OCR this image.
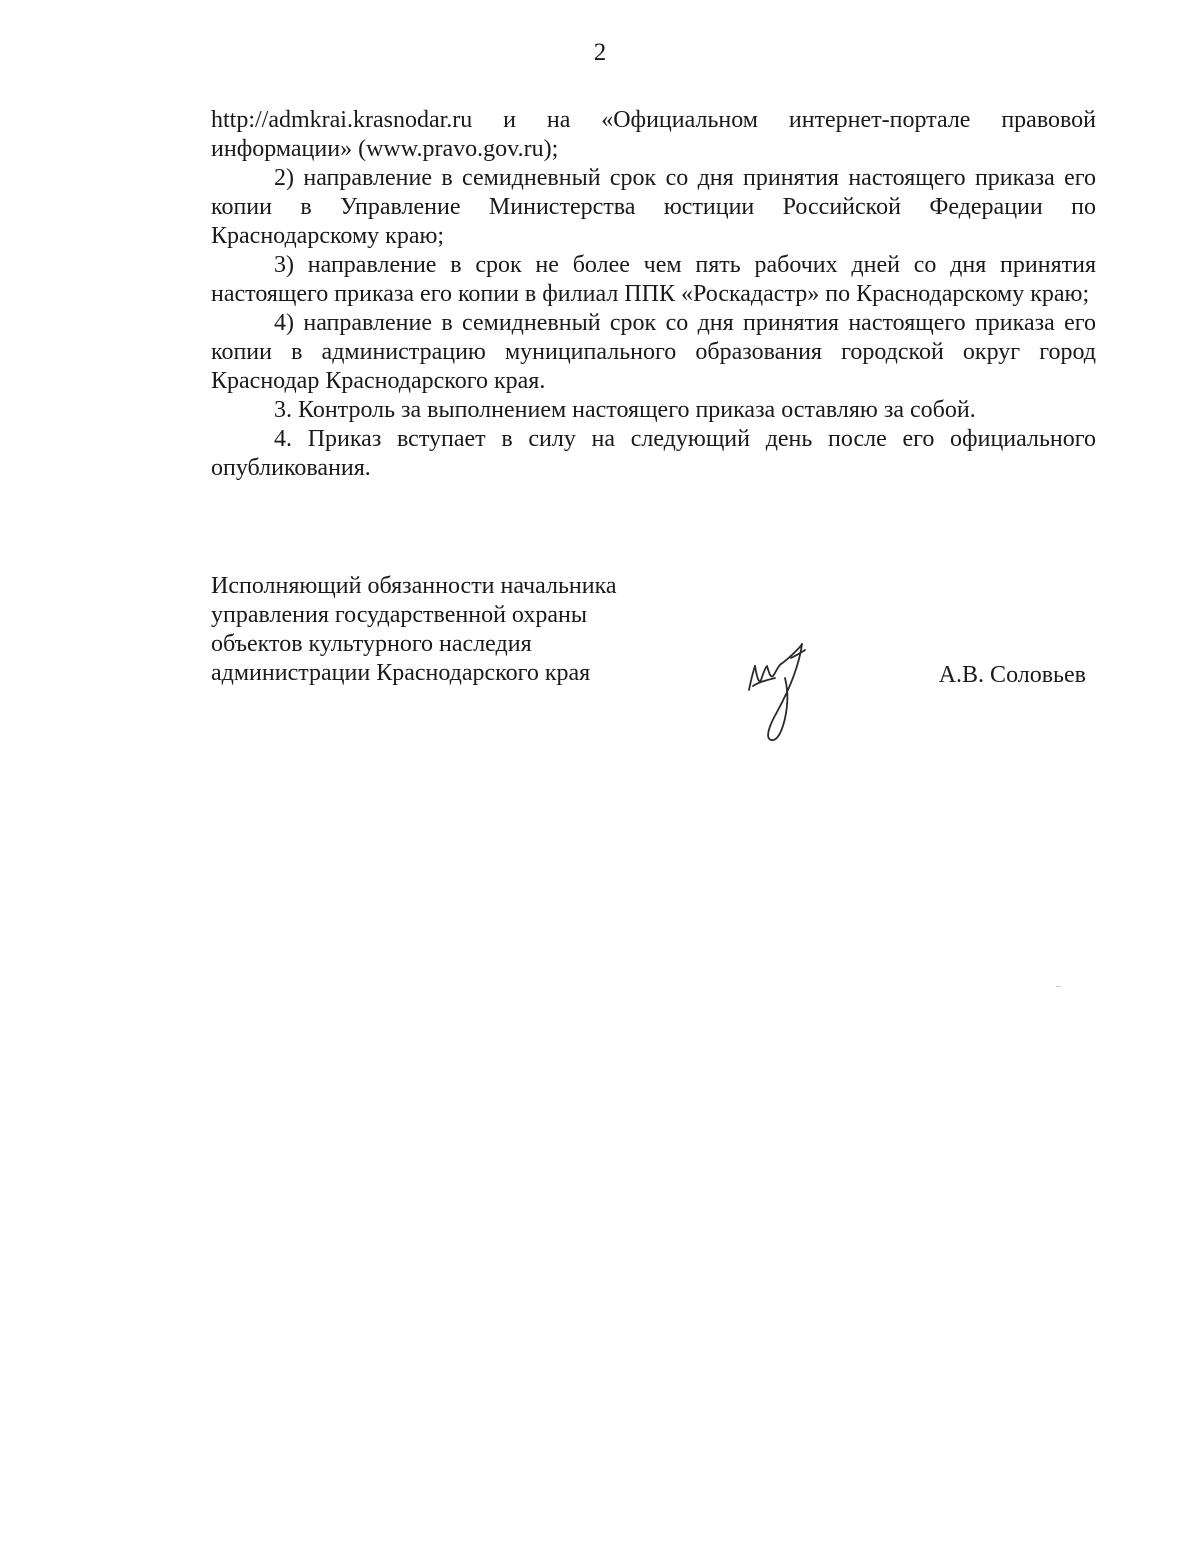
2

http://admkrai.krasnodar.ru и на «Официальном интернет-портале правовой информации» (www.pravo.gov.ru);

2) направление в семидневный срок со дня принятия настоящего приказа его копии в Управление Министерства юстиции Российской Федерации по Краснодарскому краю;

3) направление в срок не более чем пять рабочих дней со дня принятия настоящего приказа его копии в филиал ППК «Роскадастр» по Краснодарскому краю;

4) направление в семидневный срок со дня принятия настоящего приказа его копии в администрацию муниципального образования городской округ город Краснодар Краснодарского края.

3. Контроль за выполнением настоящего приказа оставляю за собой.

4. Приказ вступает в силу на следующий день после его официального опубликования.

Исполняющий обязанности начальника
управления государственной охраны
объектов культурного наследия
администрации Краснодарского края	А.В. Соловьев
